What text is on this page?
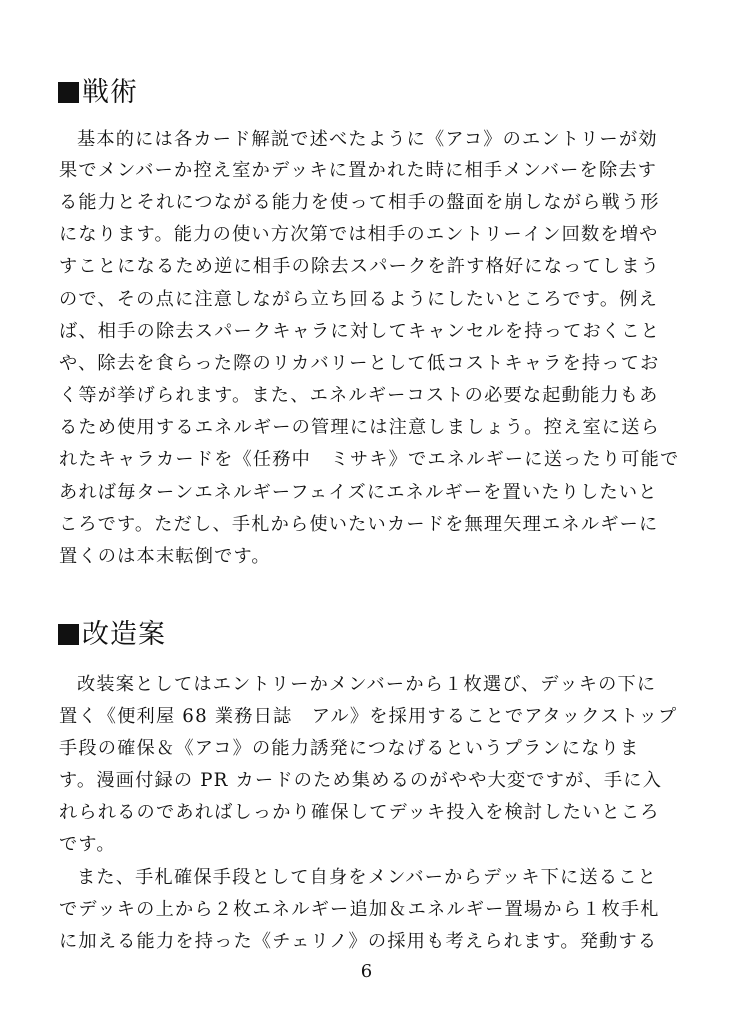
戦術
基本的には各カード解説で述べたように《アコ》のエントリーが効
果でメンバーか控え室かデッキに置かれた時に相手メンバーを除去す
る能力とそれにつながる能力を使って相手の盤面を崩しながら戦う形
になります。能力の使い方次第では相手のエントリーイン回数を増や
すことになるため逆に相手の除去スパークを許す格好になってしまう
ので、その点に注意しながら立ち回るようにしたいところです。例え
ば、相手の除去スパークキャラに対してキャンセルを持っておくこと
や、除去を食らった際のリカバリーとして低コストキャラを持ってお
く等が挙げられます。また、エネルギーコストの必要な起動能力もあ
るため使用するエネルギーの管理には注意しましょう。控え室に送ら
れたキャラカードを《任務中　ミサキ》でエネルギーに送ったり可能で
あれば毎ターンエネルギーフェイズにエネルギーを置いたりしたいと
ころです。ただし、手札から使いたいカードを無理矢理エネルギーに
置くのは本末転倒です。
改造案
改装案としてはエントリーかメンバーから１枚選び、デッキの下に
置く《便利屋 68 業務日誌　アル》を採用することでアタックストップ
手段の確保＆《アコ》の能力誘発につなげるというプランになりま
す。漫画付録の PR カードのため集めるのがやや大変ですが、手に入
れられるのであればしっかり確保してデッキ投入を検討したいところ
です。
また、手札確保手段として自身をメンバーからデッキ下に送ること
でデッキの上から２枚エネルギー追加＆エネルギー置場から１枚手札
に加える能力を持った《チェリノ》の採用も考えられます。発動する
6
